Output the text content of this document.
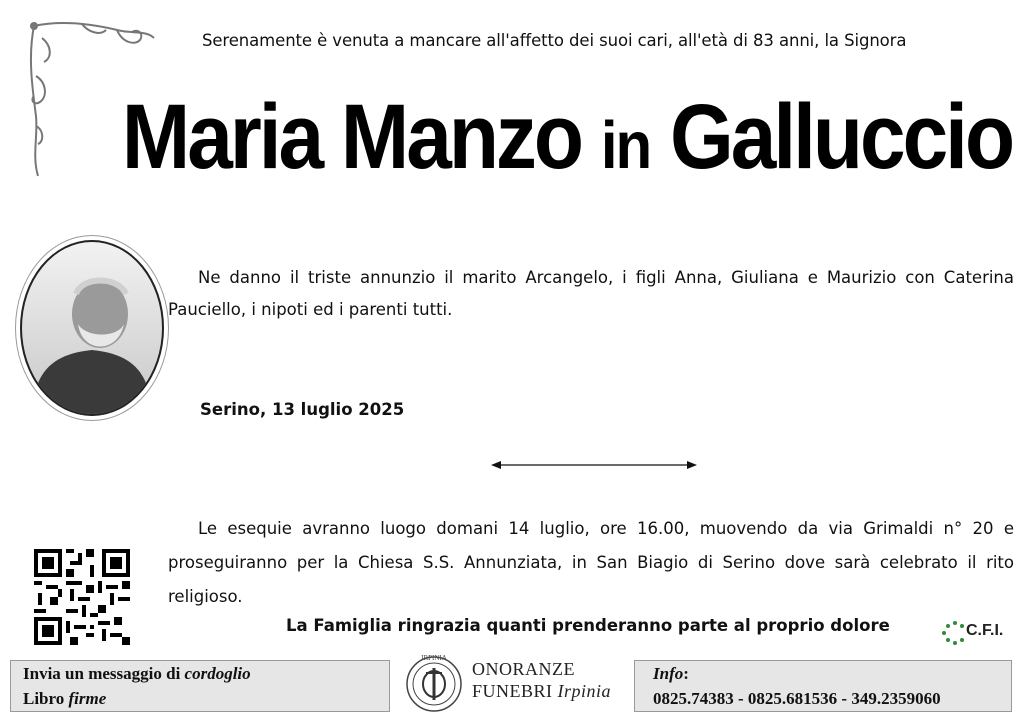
Serenamente è venuta a mancare all'affetto dei suoi cari, all'età di 83 anni, la Signora
Maria Manzo in Galluccio
Ne danno il triste annunzio il marito Arcangelo, i figli Anna, Giuliana e Maurizio con Caterina Pauciello, i nipoti ed i parenti tutti.
Serino, 13 luglio 2025
Le esequie avranno luogo domani 14 luglio, ore 16.00, muovendo da via Grimaldi n° 20 e proseguiranno per la Chiesa S.S. Annunziata, in San Biagio di Serino dove sarà celebrato il rito religioso.
La Famiglia ringrazia quanti prenderanno parte al proprio dolore	C.F.I.
Invia un messaggio di cordoglio
Libro firme
IRPINIA
ONORANZE
FUNEBRI Irpinia
Info:
0825.74383 - 0825.681536 - 349.2359060
